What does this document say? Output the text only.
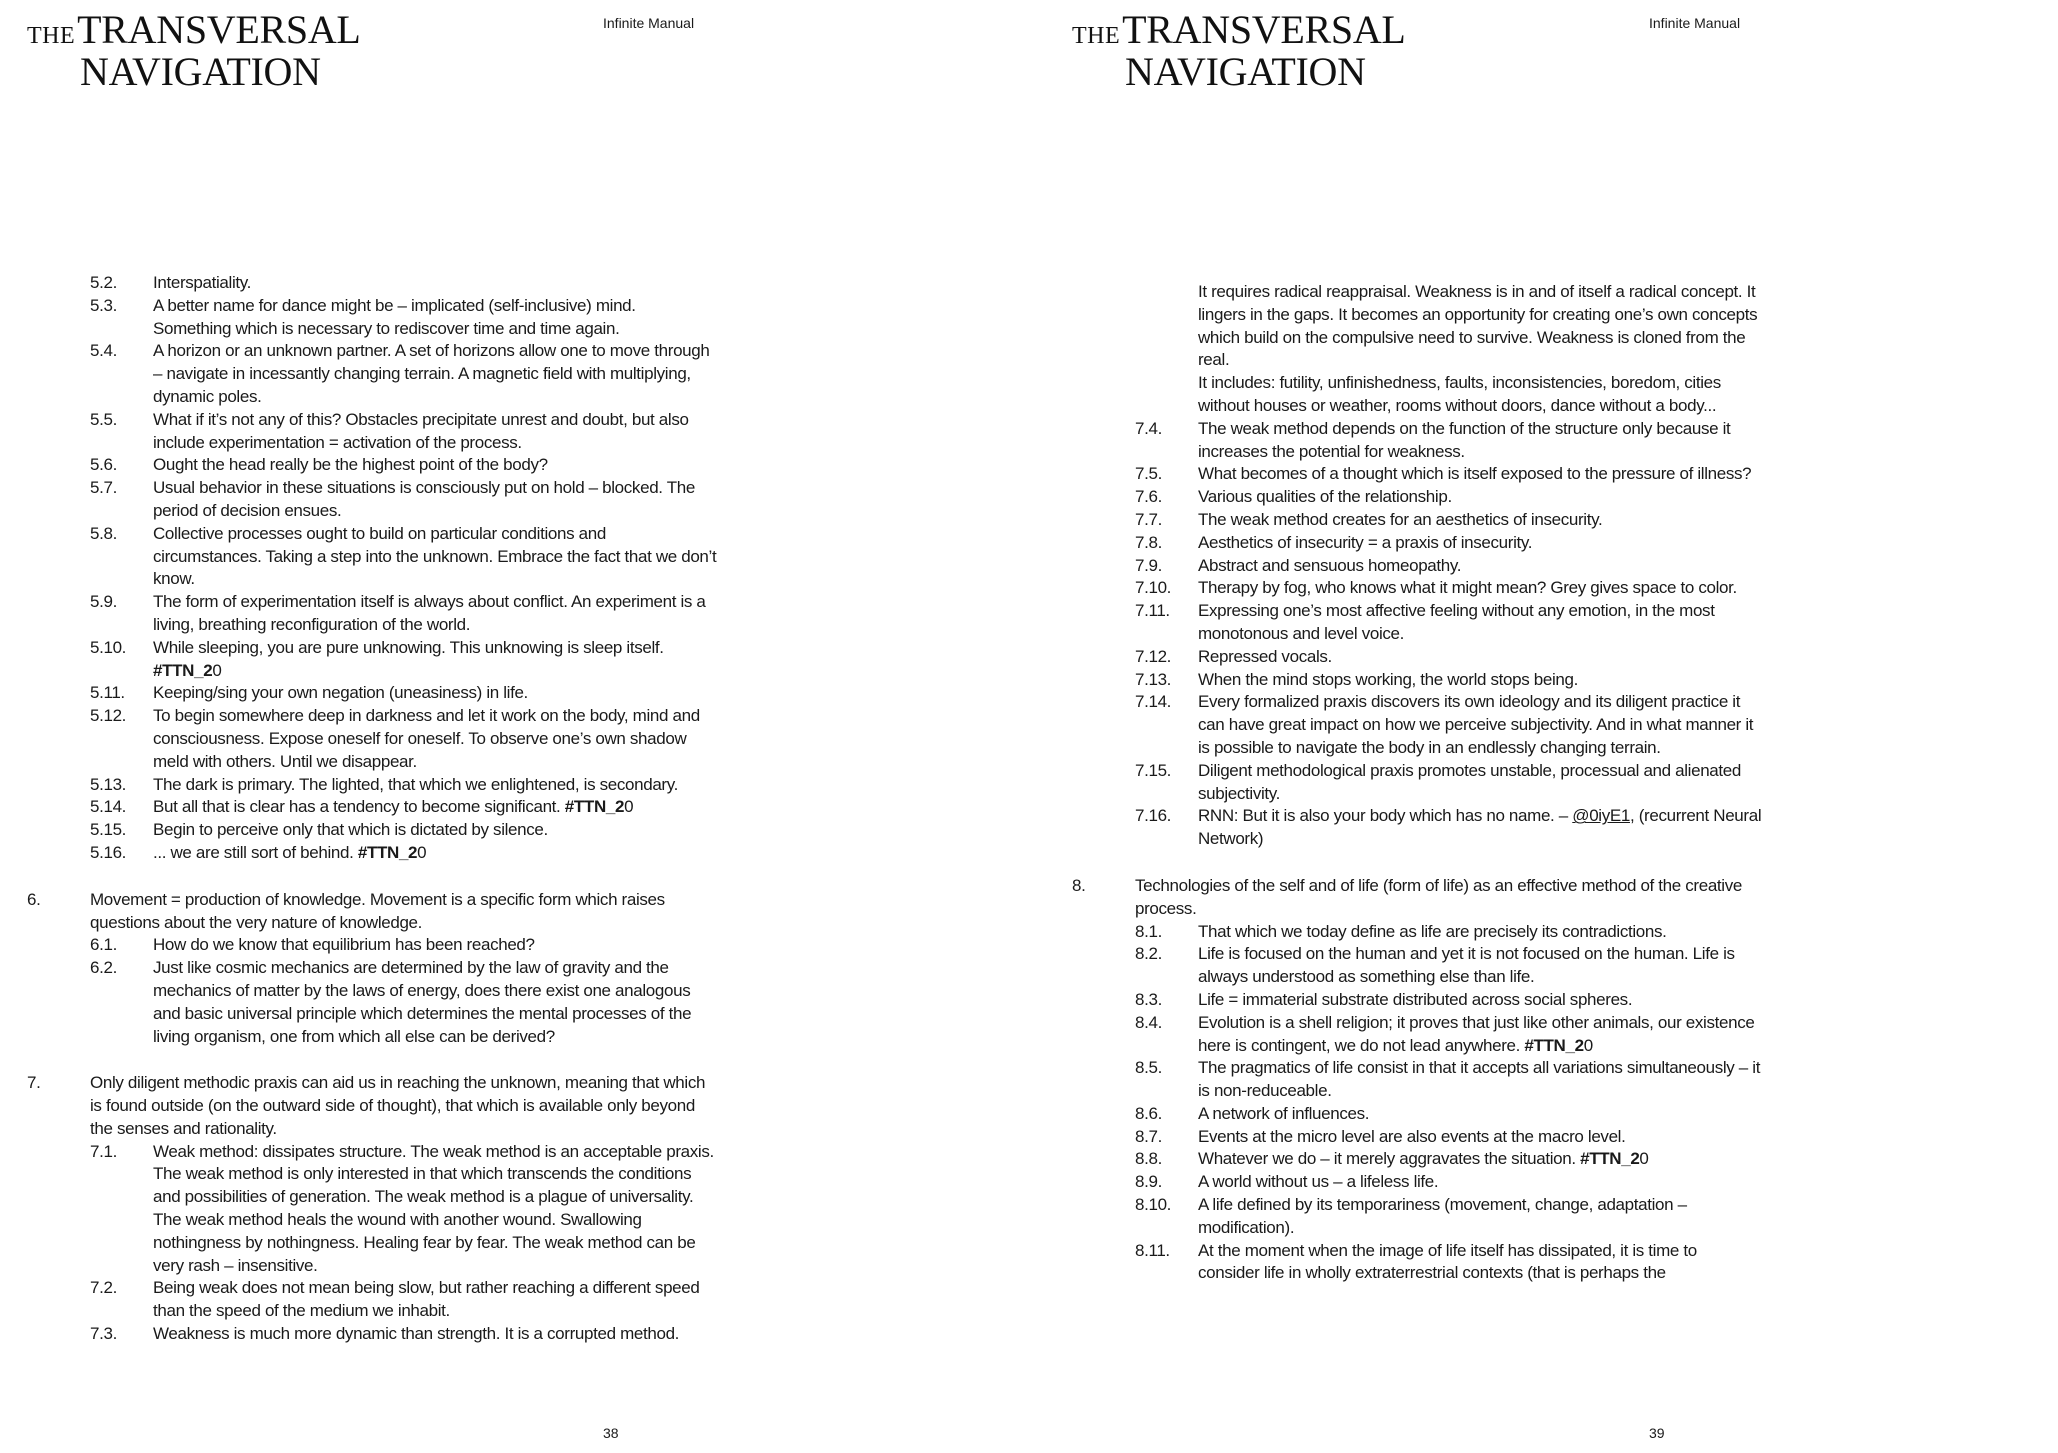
THETRANSVERSAL
NAVIGATION
Infinite Manual
5.2.	Interspatiality.
5.3.	A better name for dance might be – implicated (self-inclusive) mind. Something which is necessary to rediscover time and time again.
5.4.	A horizon or an unknown partner. A set of horizons allow one to move through – navigate in incessantly changing terrain. A magnetic field with multiplying, dynamic poles.
5.5.	What if it’s not any of this? Obstacles precipitate unrest and doubt, but also include experimentation = activation of the process.
5.6.	Ought the head really be the highest point of the body?
5.7.	Usual behavior in these situations is consciously put on hold – blocked. The period of decision ensues.
5.8.	Collective processes ought to build on particular conditions and circumstances. Taking a step into the unknown. Embrace the fact that we don’t know.
5.9.	The form of experimentation itself is always about conflict. An experiment is a living, breathing reconfiguration of the world.
5.10.	While sleeping, you are pure unknowing. This unknowing is sleep itself.
#TTN_20
5.11.	Keeping/sing your own negation (uneasiness) in life.
5.12.	To begin somewhere deep in darkness and let it work on the body, mind and consciousness. Expose oneself for oneself. To observe one’s own shadow meld with others. Until we disappear.
5.13.	The dark is primary. The lighted, that which we enlightened, is secondary.
5.14.	But all that is clear has a tendency to become significant. #TTN_20
5.15.	Begin to perceive only that which is dictated by silence.
5.16.	... we are still sort of behind. #TTN_20
6.	Movement = production of knowledge. Movement is a specific form which raises questions about the very nature of knowledge.
6.1.	How do we know that equilibrium has been reached?
6.2.	Just like cosmic mechanics are determined by the law of gravity and the mechanics of matter by the laws of energy, does there exist one analogous and basic universal principle which determines the mental processes of the living organism, one from which all else can be derived?
7.	Only diligent methodic praxis can aid us in reaching the unknown, meaning that which is found outside (on the outward side of thought), that which is available only beyond the senses and rationality.
7.1.	Weak method: dissipates structure. The weak method is an acceptable praxis. The weak method is only interested in that which transcends the conditions and possibilities of generation. The weak method is a plague of universality. The weak method heals the wound with another wound. Swallowing nothingness by nothingness. Healing fear by fear. The weak method can be very rash – insensitive.
7.2.	Being weak does not mean being slow, but rather reaching a different speed than the speed of the medium we inhabit.
7.3.	Weakness is much more dynamic than strength. It is a corrupted method.
38
THETRANSVERSAL
NAVIGATION
Infinite Manual
It requires radical reappraisal. Weakness is in and of itself a radical concept. It lingers in the gaps. It becomes an opportunity for creating one’s own concepts which build on the compulsive need to survive. Weakness is cloned from the real.
It includes: futility, unfinishedness, faults, inconsistencies, boredom, cities without houses or weather, rooms without doors, dance without a body...
7.4.	The weak method depends on the function of the structure only because it increases the potential for weakness.
7.5.	What becomes of a thought which is itself exposed to the pressure of illness?
7.6.	Various qualities of the relationship.
7.7.	The weak method creates for an aesthetics of insecurity.
7.8.	Aesthetics of insecurity = a praxis of insecurity.
7.9.	Abstract and sensuous homeopathy.
7.10.	Therapy by fog, who knows what it might mean? Grey gives space to color.
7.11.	Expressing one’s most affective feeling without any emotion, in the most monotonous and level voice.
7.12.	Repressed vocals.
7.13.	When the mind stops working, the world stops being.
7.14.	Every formalized praxis discovers its own ideology and its diligent practice it can have great impact on how we perceive subjectivity. And in what manner it is possible to navigate the body in an endlessly changing terrain.
7.15.	Diligent methodological praxis promotes unstable, processual and alienated subjectivity.
7.16.	RNN: But it is also your body which has no name. – @0iyE1, (recurrent Neural Network)
8.	Technologies of the self and of life (form of life) as an effective method of the creative process.
8.1.	That which we today define as life are precisely its contradictions.
8.2.	Life is focused on the human and yet it is not focused on the human. Life is always understood as something else than life.
8.3.	Life = immaterial substrate distributed across social spheres.
8.4.	Evolution is a shell religion; it proves that just like other animals, our existence here is contingent, we do not lead anywhere. #TTN_20
8.5.	The pragmatics of life consist in that it accepts all variations simultaneously – it is non-reduceable.
8.6.	A network of influences.
8.7.	Events at the micro level are also events at the macro level.
8.8.	Whatever we do – it merely aggravates the situation. #TTN_20
8.9.	A world without us – a lifeless life.
8.10.	A life defined by its temporariness (movement, change, adaptation – modification).
8.11.	At the moment when the image of life itself has dissipated, it is time to consider life in wholly extraterrestrial contexts (that is perhaps the
39
